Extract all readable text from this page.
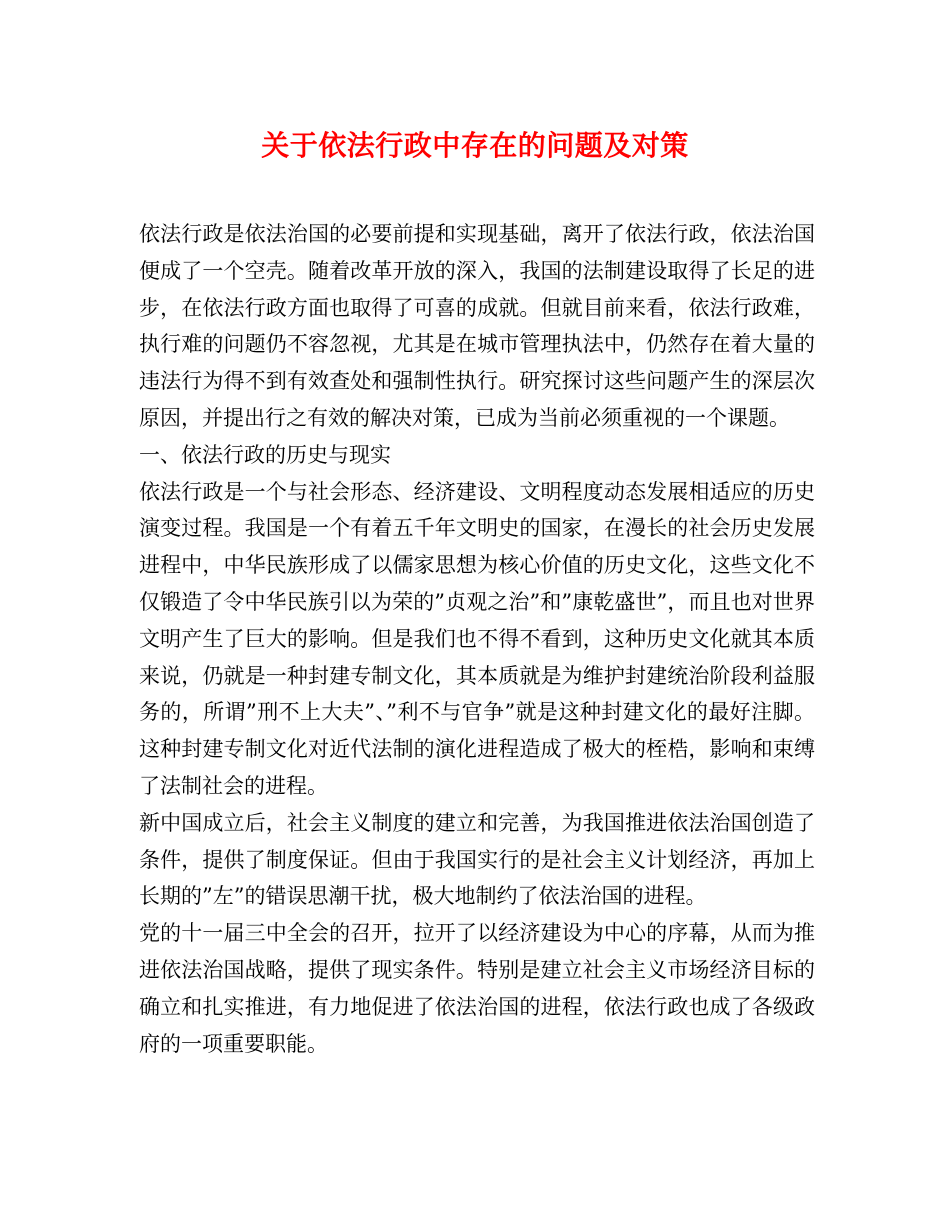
关于依法行政中存在的问题及对策

依法行政是依法治国的必要前提和实现基础，离开了依法行政，依法治国便成了一个空壳。随着改革开放的深入，我国的法制建设取得了长足的进步，在依法行政方面也取得了可喜的成就。但就目前来看，依法行政难，执行难的问题仍不容忽视，尤其是在城市管理执法中，仍然存在着大量的违法行为得不到有效查处和强制性执行。研究探讨这些问题产生的深层次原因，并提出行之有效的解决对策，已成为当前必须重视的一个课题。

一、依法行政的历史与现实

依法行政是一个与社会形态、经济建设、文明程度动态发展相适应的历史演变过程。我国是一个有着五千年文明史的国家，在漫长的社会历史发展进程中，中华民族形成了以儒家思想为核心价值的历史文化，这些文化不仅锻造了令中华民族引以为荣的”贞观之治”和”康乾盛世”，而且也对世界文明产生了巨大的影响。但是我们也不得不看到，这种历史文化就其本质来说，仍就是一种封建专制文化，其本质就是为维护封建统治阶段利益服务的，所谓”刑不上大夫”、”利不与官争”就是这种封建文化的最好注脚。这种封建专制文化对近代法制的演化进程造成了极大的桎梏，影响和束缚了法制社会的进程。

新中国成立后，社会主义制度的建立和完善，为我国推进依法治国创造了条件，提供了制度保证。但由于我国实行的是社会主义计划经济，再加上长期的”左”的错误思潮干扰，极大地制约了依法治国的进程。

党的十一届三中全会的召开，拉开了以经济建设为中心的序幕，从而为推进依法治国战略，提供了现实条件。特别是建立社会主义市场经济目标的确立和扎实推进，有力地促进了依法治国的进程，依法行政也成了各级政府的一项重要职能。
